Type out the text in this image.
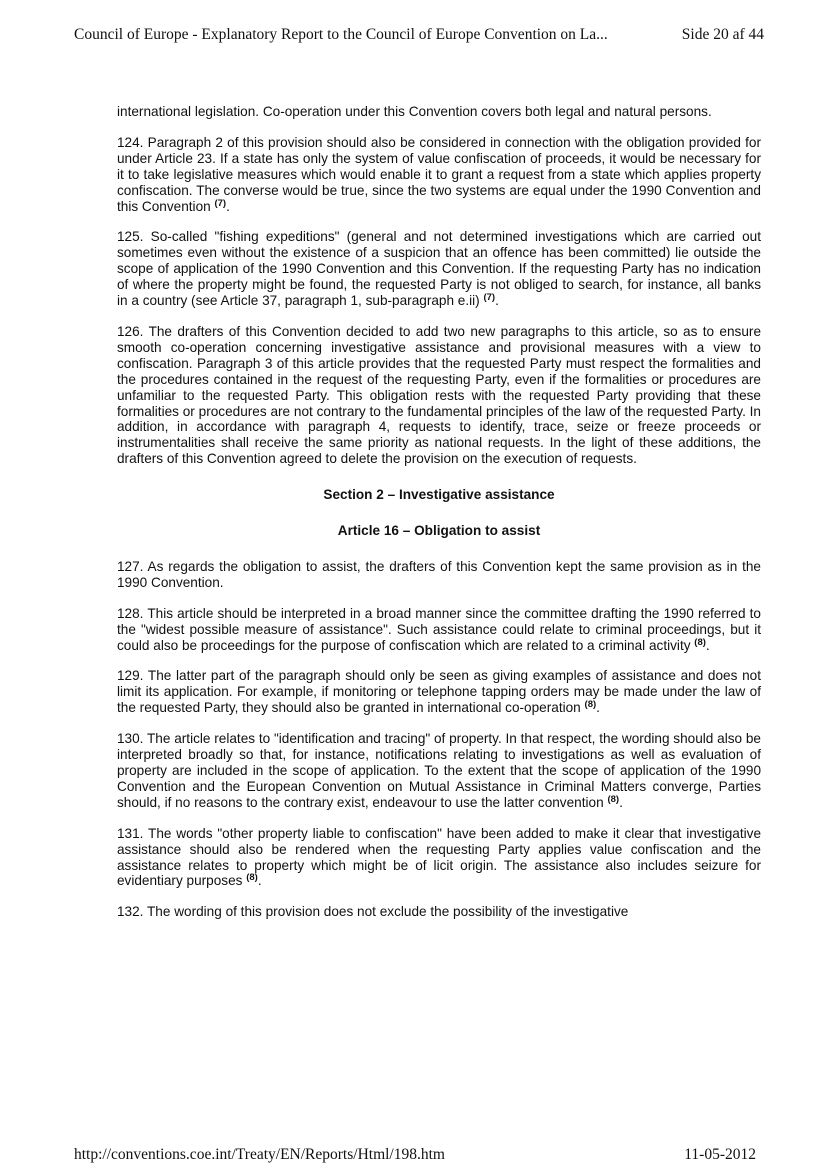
Council of Europe - Explanatory Report to the Council of Europe Convention on La...	Side 20 af 44

international legislation. Co-operation under this Convention covers both legal and natural persons.

124. Paragraph 2 of this provision should also be considered in connection with the obligation provided for under Article 23. If a state has only the system of value confiscation of proceeds, it would be necessary for it to take legislative measures which would enable it to grant a request from a state which applies property confiscation. The converse would be true, since the two systems are equal under the 1990 Convention and this Convention $^{(7)}$.

125. So-called "fishing expeditions" (general and not determined investigations which are carried out sometimes even without the existence of a suspicion that an offence has been committed) lie outside the scope of application of the 1990 Convention and this Convention. If the requesting Party has no indication of where the property might be found, the requested Party is not obliged to search, for instance, all banks in a country (see Article 37, paragraph 1, sub-paragraph e.ii) $^{(7)}$.

126. The drafters of this Convention decided to add two new paragraphs to this article, so as to ensure smooth co-operation concerning investigative assistance and provisional measures with a view to confiscation. Paragraph 3 of this article provides that the requested Party must respect the formalities and the procedures contained in the request of the requesting Party, even if the formalities or procedures are unfamiliar to the requested Party. This obligation rests with the requested Party providing that these formalities or procedures are not contrary to the fundamental principles of the law of the requested Party. In addition, in accordance with paragraph 4, requests to identify, trace, seize or freeze proceeds or instrumentalities shall receive the same priority as national requests. In the light of these additions, the drafters of this Convention agreed to delete the provision on the execution of requests.

Section 2 – Investigative assistance
Article 16 – Obligation to assist

127. As regards the obligation to assist, the drafters of this Convention kept the same provision as in the 1990 Convention.

128. This article should be interpreted in a broad manner since the committee drafting the 1990 referred to the "widest possible measure of assistance". Such assistance could relate to criminal proceedings, but it could also be proceedings for the purpose of confiscation which are related to a criminal activity $^{(8)}$.

129. The latter part of the paragraph should only be seen as giving examples of assistance and does not limit its application. For example, if monitoring or telephone tapping orders may be made under the law of the requested Party, they should also be granted in international co-operation $^{(8)}$.

130. The article relates to "identification and tracing" of property. In that respect, the wording should also be interpreted broadly so that, for instance, notifications relating to investigations as well as evaluation of property are included in the scope of application. To the extent that the scope of application of the 1990 Convention and the European Convention on Mutual Assistance in Criminal Matters converge, Parties should, if no reasons to the contrary exist, endeavour to use the latter convention $^{(8)}$.

131. The words "other property liable to confiscation" have been added to make it clear that investigative assistance should also be rendered when the requesting Party applies value confiscation and the assistance relates to property which might be of licit origin. The assistance also includes seizure for evidentiary purposes $^{(8)}$.

132. The wording of this provision does not exclude the possibility of the investigative

http://conventions.coe.int/Treaty/EN/Reports/Html/198.htm	11-05-2012
